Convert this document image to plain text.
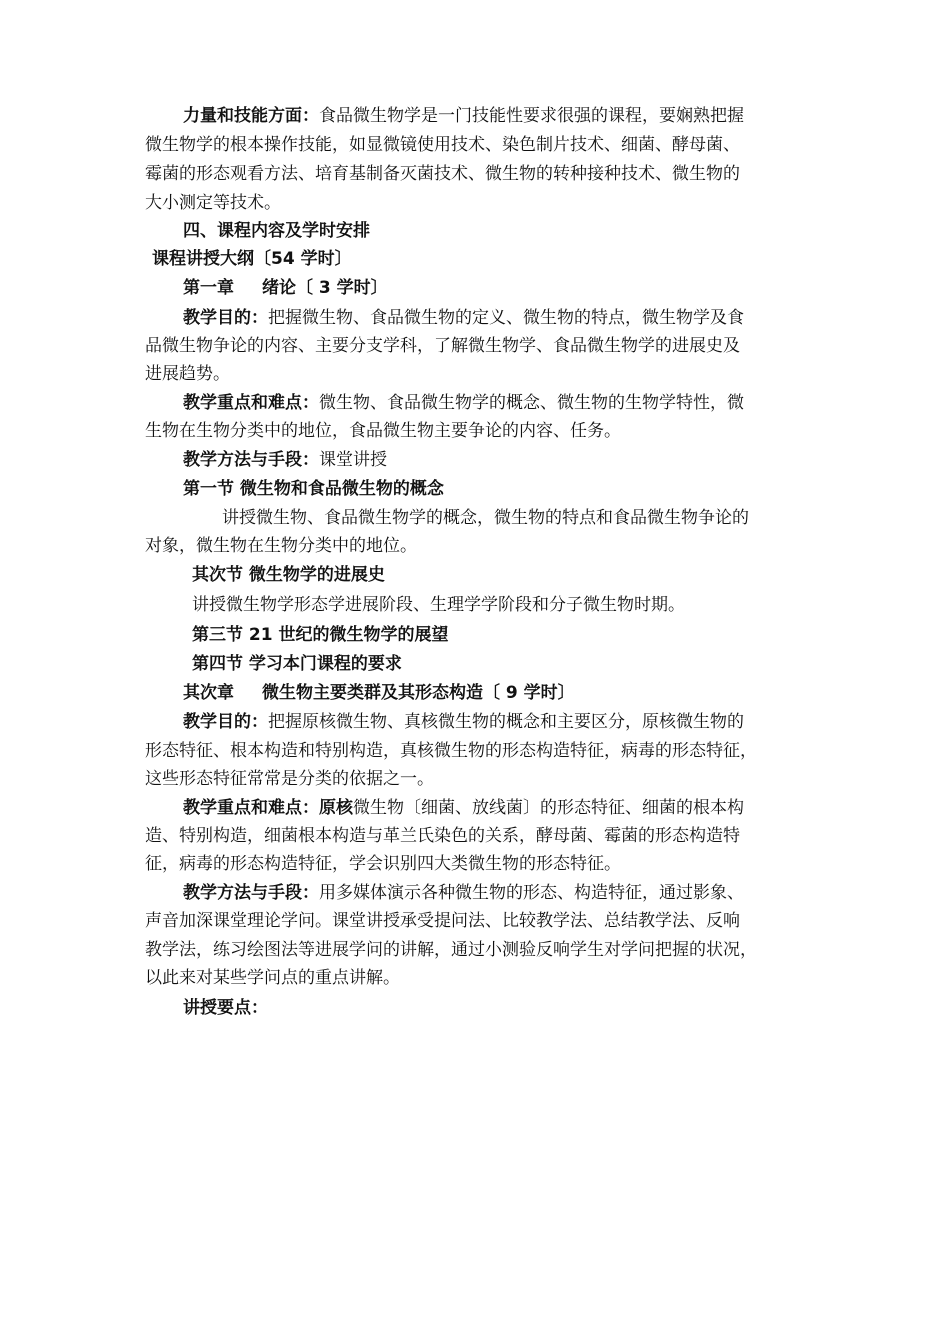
力量和技能方面：食品微生物学是一门技能性要求很强的课程，要娴熟把握
微生物学的根本操作技能，如显微镜使用技术、染色制片技术、细菌、酵母菌、
霉菌的形态观看方法、培育基制备灭菌技术、微生物的转种接种技术、微生物的
大小测定等技术。
四、课程内容及学时安排
课程讲授大纲〔54 学时〕
第一章 绪论〔 3 学时〕
教学目的：把握微生物、食品微生物的定义、微生物的特点，微生物学及食
品微生物争论的内容、主要分支学科，了解微生物学、食品微生物学的进展史及
进展趋势。
教学重点和难点：微生物、食品微生物学的概念、微生物的生物学特性，微
生物在生物分类中的地位，食品微生物主要争论的内容、任务。
教学方法与手段：课堂讲授
第一节 微生物和食品微生物的概念
讲授微生物、食品微生物学的概念，微生物的特点和食品微生物争论的
对象，微生物在生物分类中的地位。
其次节 微生物学的进展史
讲授微生物学形态学进展阶段、生理学学阶段和分子微生物时期。
第三节 21 世纪的微生物学的展望
第四节 学习本门课程的要求
其次章 微生物主要类群及其形态构造〔 9 学时〕
教学目的：把握原核微生物、真核微生物的概念和主要区分，原核微生物的
形态特征、根本构造和特别构造，真核微生物的形态构造特征，病毒的形态特征，
这些形态特征常常是分类的依据之一。
教学重点和难点：原核微生物〔细菌、放线菌〕的形态特征、细菌的根本构
造、特别构造，细菌根本构造与革兰氏染色的关系，酵母菌、霉菌的形态构造特
征，病毒的形态构造特征，学会识别四大类微生物的形态特征。
教学方法与手段：用多媒体演示各种微生物的形态、构造特征，通过影象、
声音加深课堂理论学问。课堂讲授承受提问法、比较教学法、总结教学法、反响
教学法，练习绘图法等进展学问的讲解，通过小测验反响学生对学问把握的状况，
以此来对某些学问点的重点讲解。
讲授要点：
